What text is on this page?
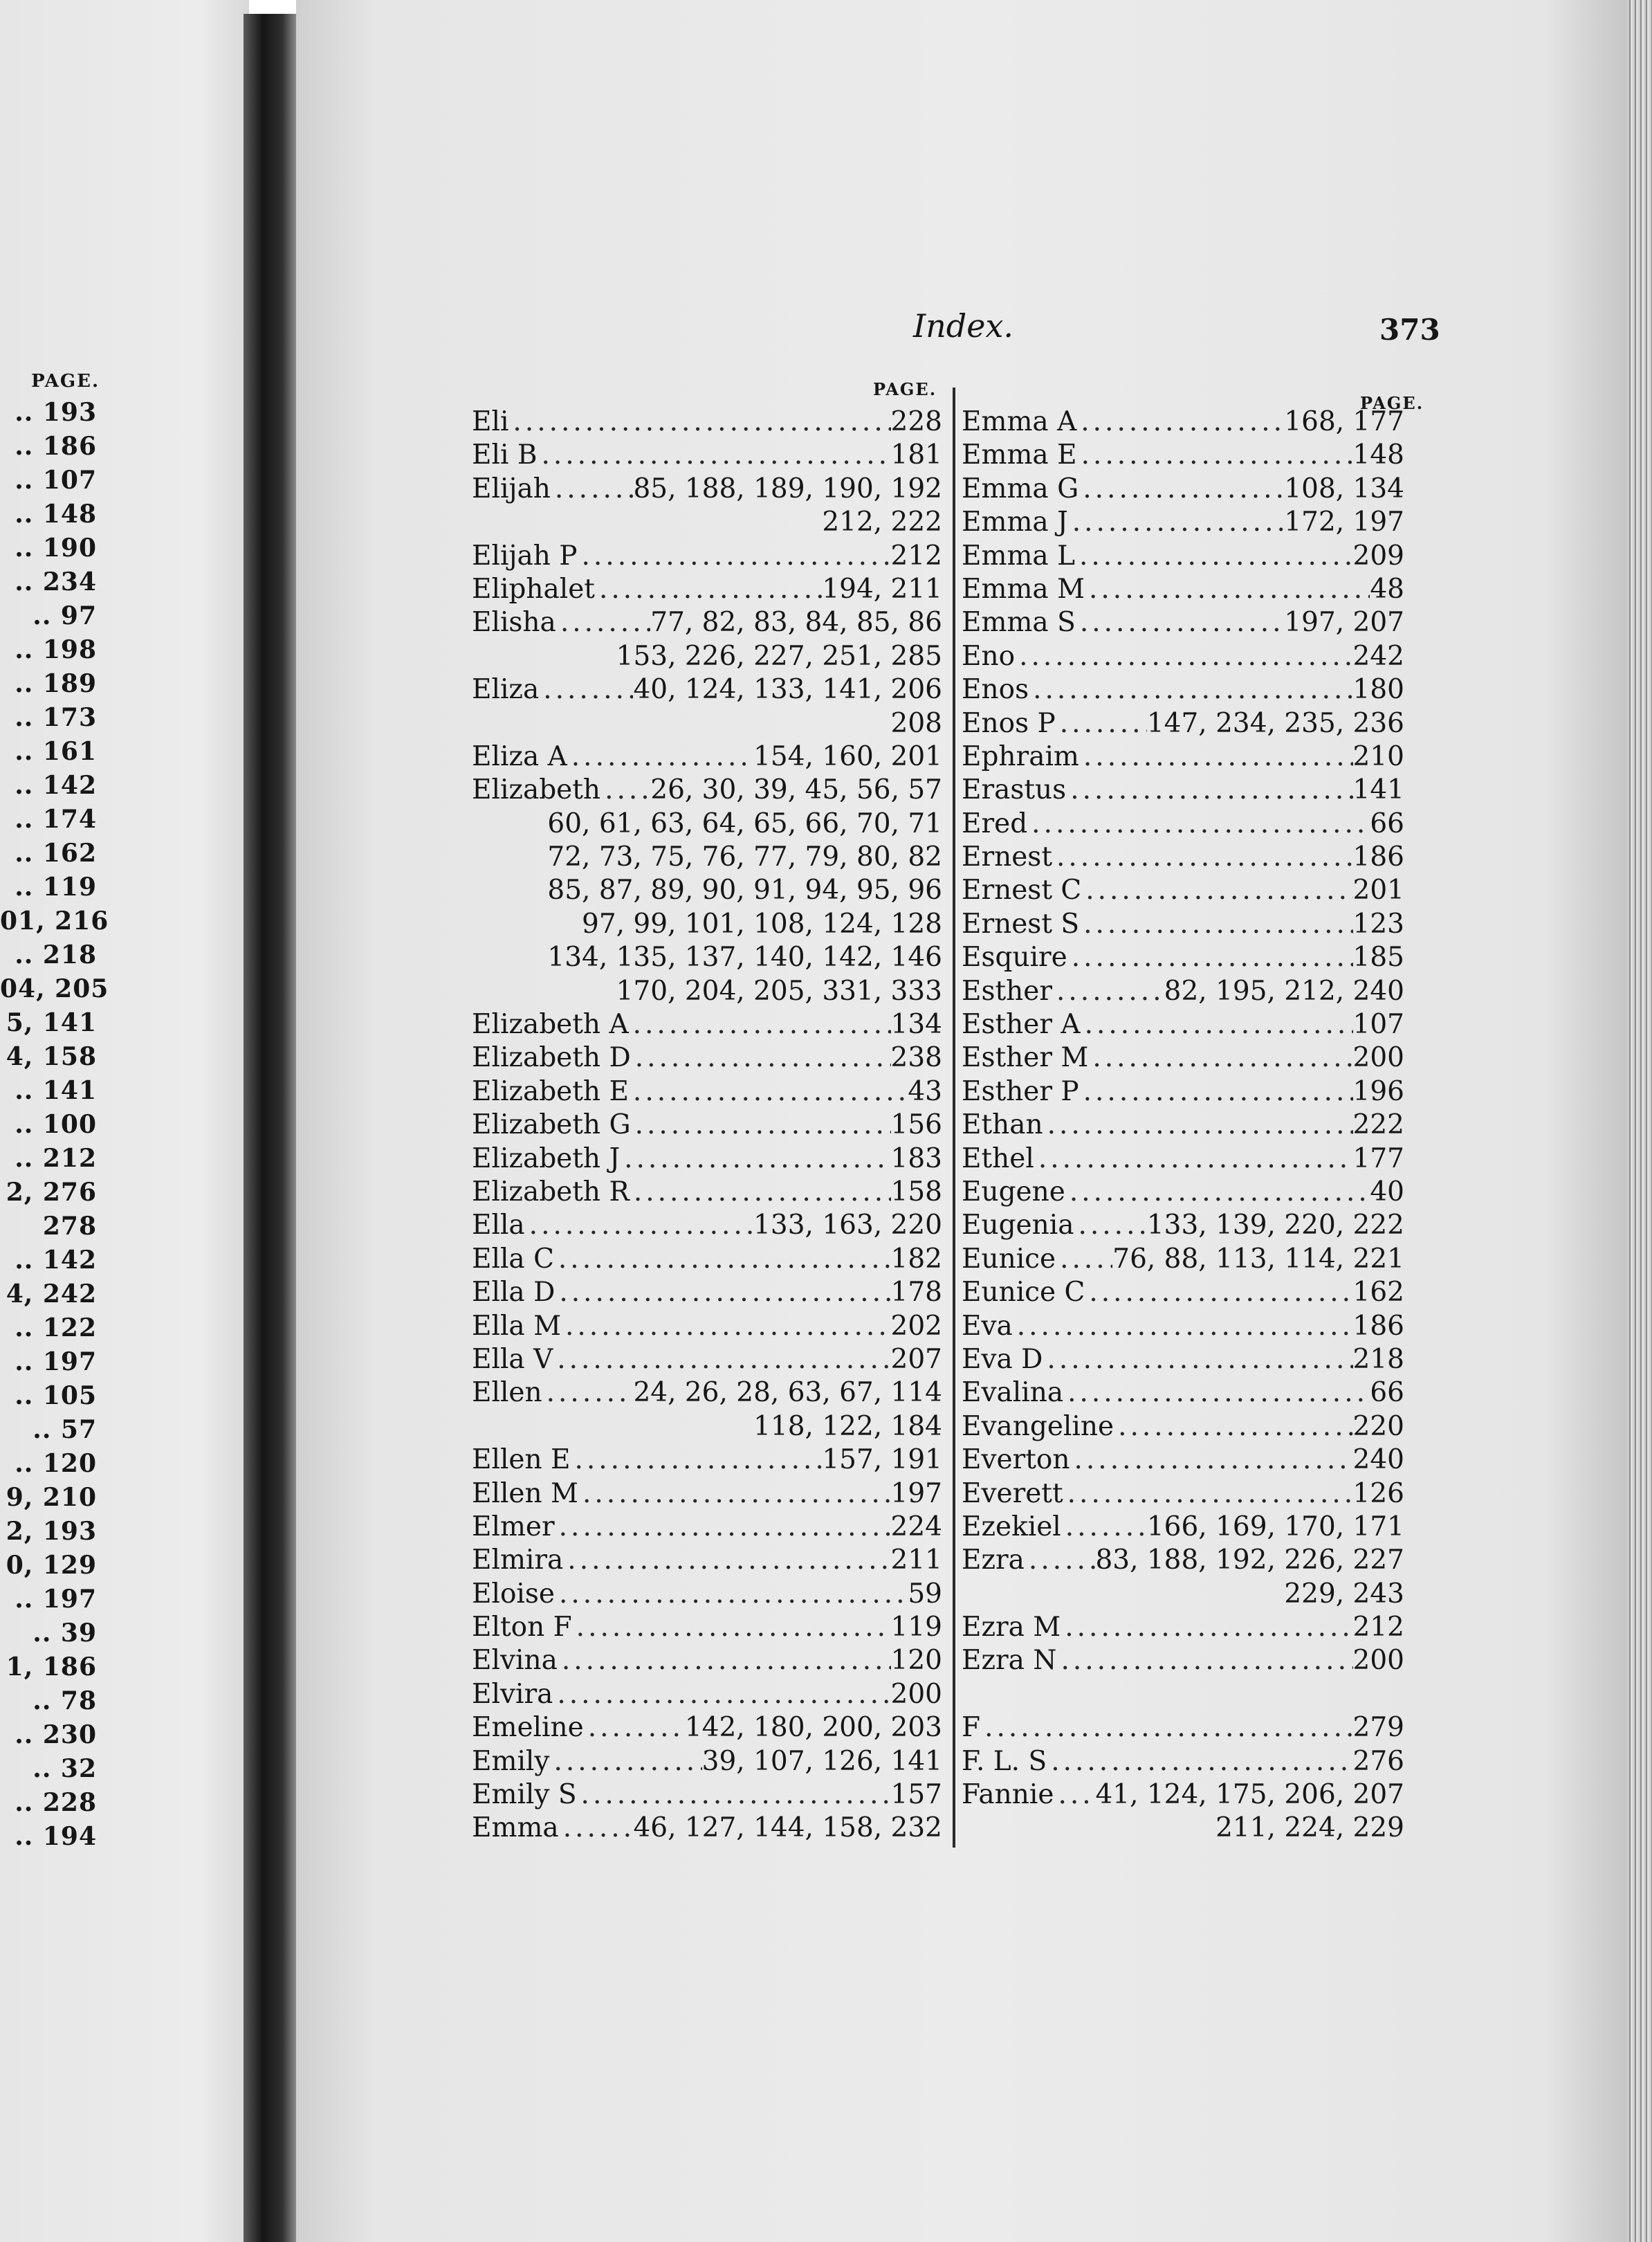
PAGE.
.. 193
.. 186
.. 107
.. 148
.. 190
.. 234
.. 97
.. 198
.. 189
.. 173
.. 161
.. 142
.. 174
.. 162
.. 119
01, 216
.. 218
04, 205
5, 141
4, 158
.. 141
.. 100
.. 212
2, 276
278
.. 142
4, 242
.. 122
.. 197
.. 105
.. 57
.. 120
9, 210
2, 193
0, 129
.. 197
.. 39
1, 186
.. 78
.. 230
.. 32
.. 228
.. 194
Index.	373
PAGE.
PAGE.
Eli .....	228
Eli B .....	181
Elijah .....	85, 188, 189, 190, 192
212, 222
Elijah P .....	212
Eliphalet .....	194, 211
Elisha .....	77, 82, 83, 84, 85, 86
153, 226, 227, 251, 285
Eliza .....	40, 124, 133, 141, 206
208
Eliza A .....	154, 160, 201
Elizabeth ..... 26, 30, 39, 45, 56, 57
60, 61, 63, 64, 65, 66, 70, 71
72, 73, 75, 76, 77, 79, 80, 82
85, 87, 89, 90, 91, 94, 95, 96
97, 99, 101, 108, 124, 128
134, 135, 137, 140, 142, 146
170, 204, 205, 331, 333
Elizabeth A .....	134
Elizabeth D .....	238
Elizabeth E .....	43
Elizabeth G .....	156
Elizabeth J .....	183
Elizabeth R .....	158
Ella .....	133, 163, 220
Ella C .....	182
Ella D .....	178
Ella M .....	202
Ella V .....	207
Ellen .....	24, 26, 28, 63, 67, 114
118, 122, 184
Ellen E .....	157, 191
Ellen M .....	197
Elmer .....	224
Elmira .....	211
Eloise .....	59
Elton F .....	119
Elvina .....	120
Elvira .....	200
Emeline .....	142, 180, 200, 203
Emily .....	39, 107, 126, 141
Emily S .....	157
Emma .....	46, 127, 144, 158, 232
Emma A .....	168, 177
Emma E .....	148
Emma G .....	108, 134
Emma J .....	172, 197
Emma L .....	209
Emma M .....	48
Emma S .....	197, 207
Eno .....	242
Enos .....	180
Enos P .....	147, 234, 235, 236
Ephraim .....	210
Erastus .....	141
Ered .....	66
Ernest .....	186
Ernest C .....	201
Ernest S .....	123
Esquire .....	185
Esther .....	82, 195, 212, 240
Esther A .....	107
Esther M .....	200
Esther P .....	196
Ethan .....	222
Ethel .....	177
Eugene .....	40
Eugenia .....	133, 139, 220, 222
Eunice ..... 76, 88, 113, 114, 221
Eunice C .....	162
Eva .....	186
Eva D .....	218
Evalina .....	66
Evangeline .....	220
Everton .....	240
Everett .....	126
Ezekiel .....	166, 169, 170, 171
Ezra .....	83, 188, 192, 226, 227
229, 243
Ezra M .....	212
Ezra N .....	200
F .....	279
F. L. S .....	276
Fannie ..... 41, 124, 175, 206, 207
211, 224, 229
